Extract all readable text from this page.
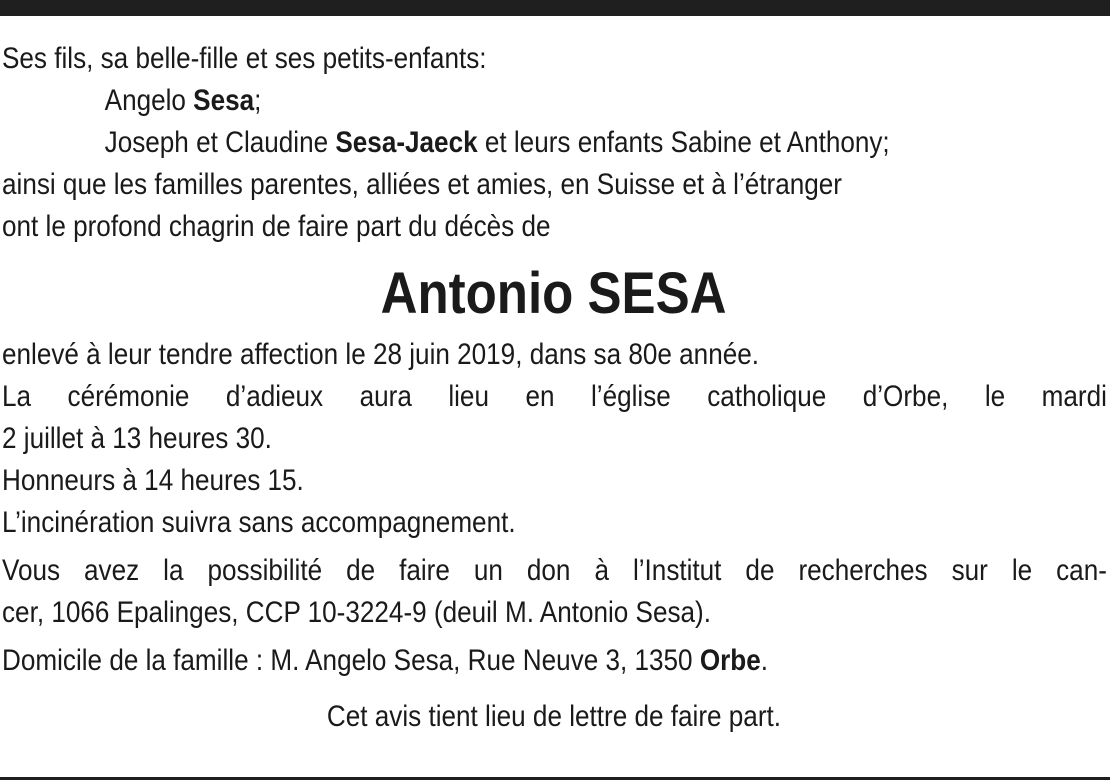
Ses fils, sa belle-fille et ses petits-enfants:
Angelo Sesa;
Joseph et Claudine Sesa-Jaeck et leurs enfants Sabine et Anthony;
ainsi que les familles parentes, alliées et amies, en Suisse et à l’étranger
ont le profond chagrin de faire part du décès de
Antonio SESA
enlevé à leur tendre affection le 28 juin 2019, dans sa 80e année.
La cérémonie d’adieux aura lieu en l’église catholique d’Orbe, le mardi
2 juillet à 13 heures 30.
Honneurs à 14 heures 15.
L’incinération suivra sans accompagnement.
Vous avez la possibilité de faire un don à l’Institut de recherches sur le can-
cer, 1066 Epalinges, CCP 10-3224-9 (deuil M. Antonio Sesa).
Domicile de la famille : M. Angelo Sesa, Rue Neuve 3, 1350 Orbe.
Cet avis tient lieu de lettre de faire part.
